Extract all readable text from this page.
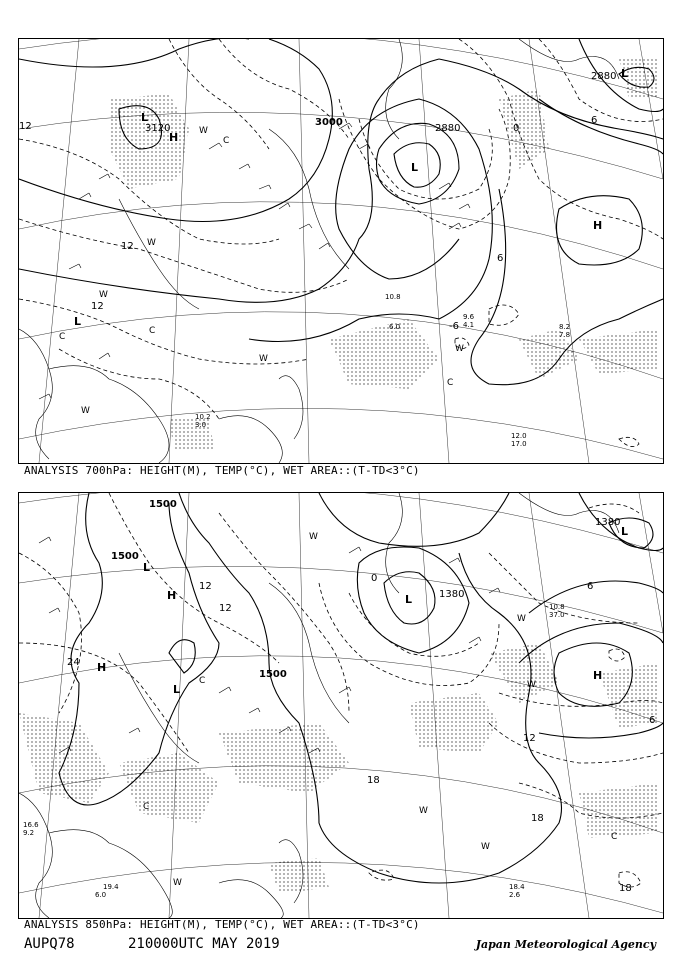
L
H
L
L
H
L
3120
3000
2880
2880
12
12
12
6
6
0
-6
W
C
W
C
W
C
W
W
C
W
12.0
17.0
10.2
3.0
9.6
4.1
10.8
6.0	8.2
7.8
ANALYSIS 700hPa: HEIGHT(M), TEMP(°C), WET AREA::(T-TD<3°C)
L
H
H
L
L
H
L
1500
1500
1500
1380
1380
24
12
12
12
18
18
18
6
6
0
W
C	W
W
W
C
W
C
W
10.8
37.0
18.4
2.6
19.4
6.0
16.6
9.2
ANALYSIS 850hPa: HEIGHT(M), TEMP(°C), WET AREA::(T-TD<3°C)
AUPQ78	210000UTC MAY 2019	Japan Meteorological Agency
